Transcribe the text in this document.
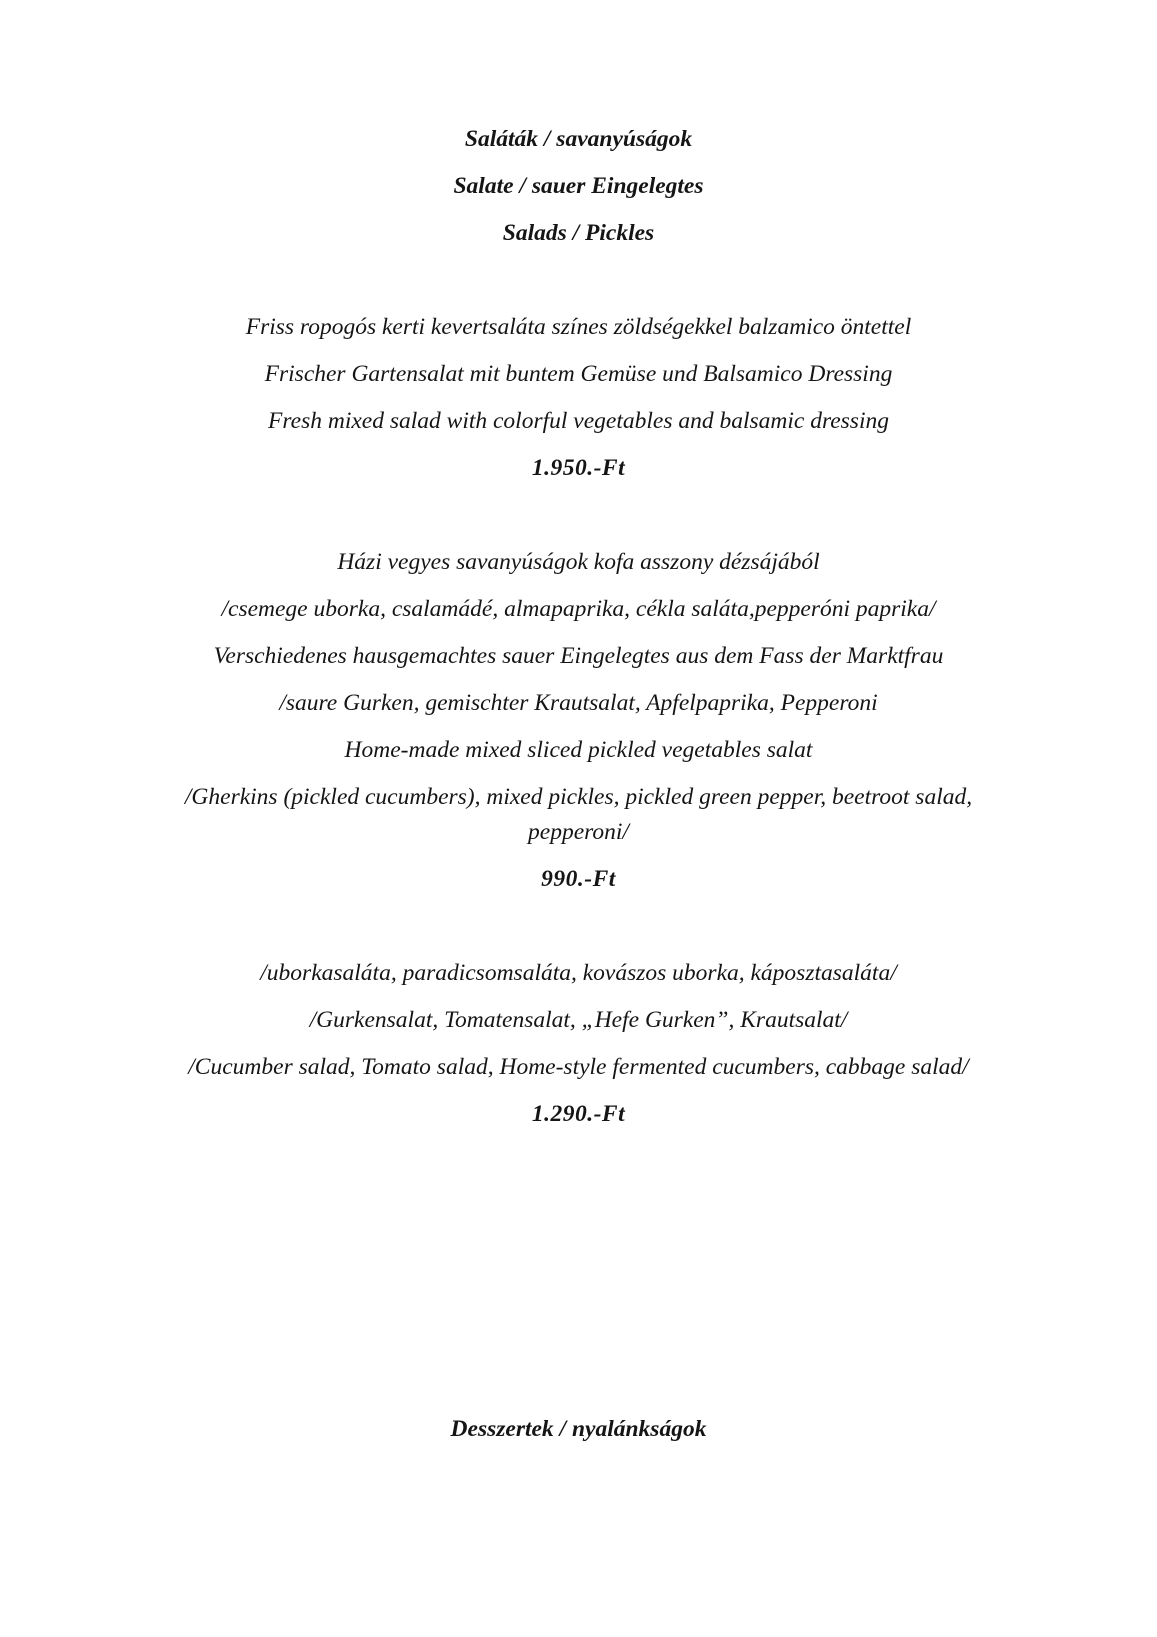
Saláták / savanyúságok

Salate / sauer Eingelegtes

Salads / Pickles

Friss ropogós kerti kevertsaláta színes zöldségekkel balzamico öntettel

Frischer Gartensalat mit buntem Gemüse und Balsamico Dressing

Fresh mixed salad with colorful vegetables and balsamic dressing

1.950.-Ft

Házi vegyes savanyúságok kofa asszony dézsájából

/csemege uborka, csalamádé, almapaprika, cékla saláta,pepperóni paprika/

Verschiedenes hausgemachtes sauer Eingelegtes aus dem Fass der Marktfrau

/saure Gurken, gemischter Krautsalat, Apfelpaprika, Pepperoni

Home-made mixed sliced pickled vegetables salat

/Gherkins (pickled cucumbers), mixed pickles, pickled green pepper, beetroot salad, pepperoni/

990.-Ft

/uborkasaláta, paradicsomsaláta, kovászos uborka, káposztasaláta/

/Gurkensalat, Tomatensalat, „Hefe Gurken”, Krautsalat/

/Cucumber salad, Tomato salad, Home-style fermented cucumbers, cabbage salad/

1.290.-Ft

Desszertek / nyalánkságok
